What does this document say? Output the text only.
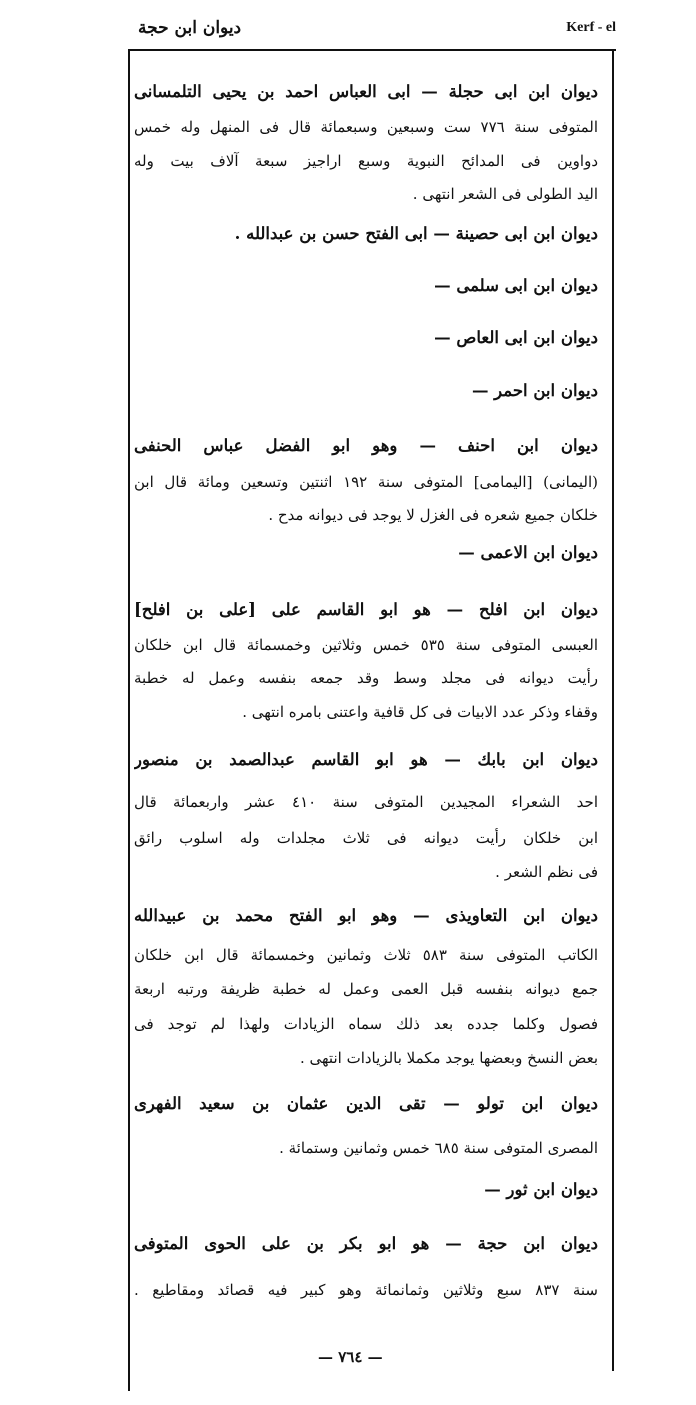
ديوان ابن حجة	Kerf - el
ديوان ابن ابى حجلة — ابى العباس احمد بن يحيى التلمسانى
المتوفى سنة ٧٧٦ ست وسبعين وسبعمائة قال فى المنهل وله خمس
دواوين فى المدائح النبوية وسبع اراجيز سبعة آلاف بيت وله
اليد الطولى فى الشعر انتهى .
ديوان ابن ابى حصينة — ابى الفتح حسن بن عبدالله .
ديوان ابن ابى سلمى —
ديوان ابن ابى العاص —
ديوان ابن احمر —
ديوان ابن احنف — وهو ابو الفضل عباس الحنفى
(اليمانى) [اليمامى] المتوفى سنة ١٩٢ اثنتين وتسعين ومائة قال ابن
خلكان جميع شعره فى الغزل لا يوجد فى ديوانه مدح .
ديوان ابن الاعمى —
ديوان ابن افلح — هو ابو القاسم على [على بن افلح]
العبسى المتوفى سنة ٥٣٥ خمس وثلاثين وخمسمائة قال ابن خلكان
رأيت ديوانه فى مجلد وسط وقد جمعه بنفسه وعمل له خطبة
وقفاء وذكر عدد الابيات فى كل قافية واعتنى بامره انتهى .
ديوان ابن بابك — هو ابو القاسم عبدالصمد بن منصور
احد الشعراء المجيدين المتوفى سنة ٤١٠ عشر واربعمائة قال
ابن خلكان رأيت ديوانه فى ثلاث مجلدات وله اسلوب رائق
فى نظم الشعر .
ديوان ابن التعاويذى — وهو ابو الفتح محمد بن عبيدالله
الكاتب المتوفى سنة ٥٨٣ ثلاث وثمانين وخمسمائة قال ابن خلكان
جمع ديوانه بنفسه قبل العمى وعمل له خطبة ظريفة ورتبه اربعة
فصول وكلما جدده بعد ذلك سماه الزيادات ولهذا لم توجد فى
بعض النسخ وبعضها يوجد مكملا بالزيادات انتهى .
ديوان ابن تولو — تقى الدين عثمان بن سعيد الفهرى
المصرى المتوفى سنة ٦٨٥ خمس وثمانين وستمائة .
ديوان ابن ثور —
ديوان ابن حجة — هو ابو بكر بن على الحوى المتوفى
سنة ٨٣٧ سبع وثلاثين وثمانمائة وهو كبير فيه قصائد ومقاطيع .
— ٧٦٤ —
